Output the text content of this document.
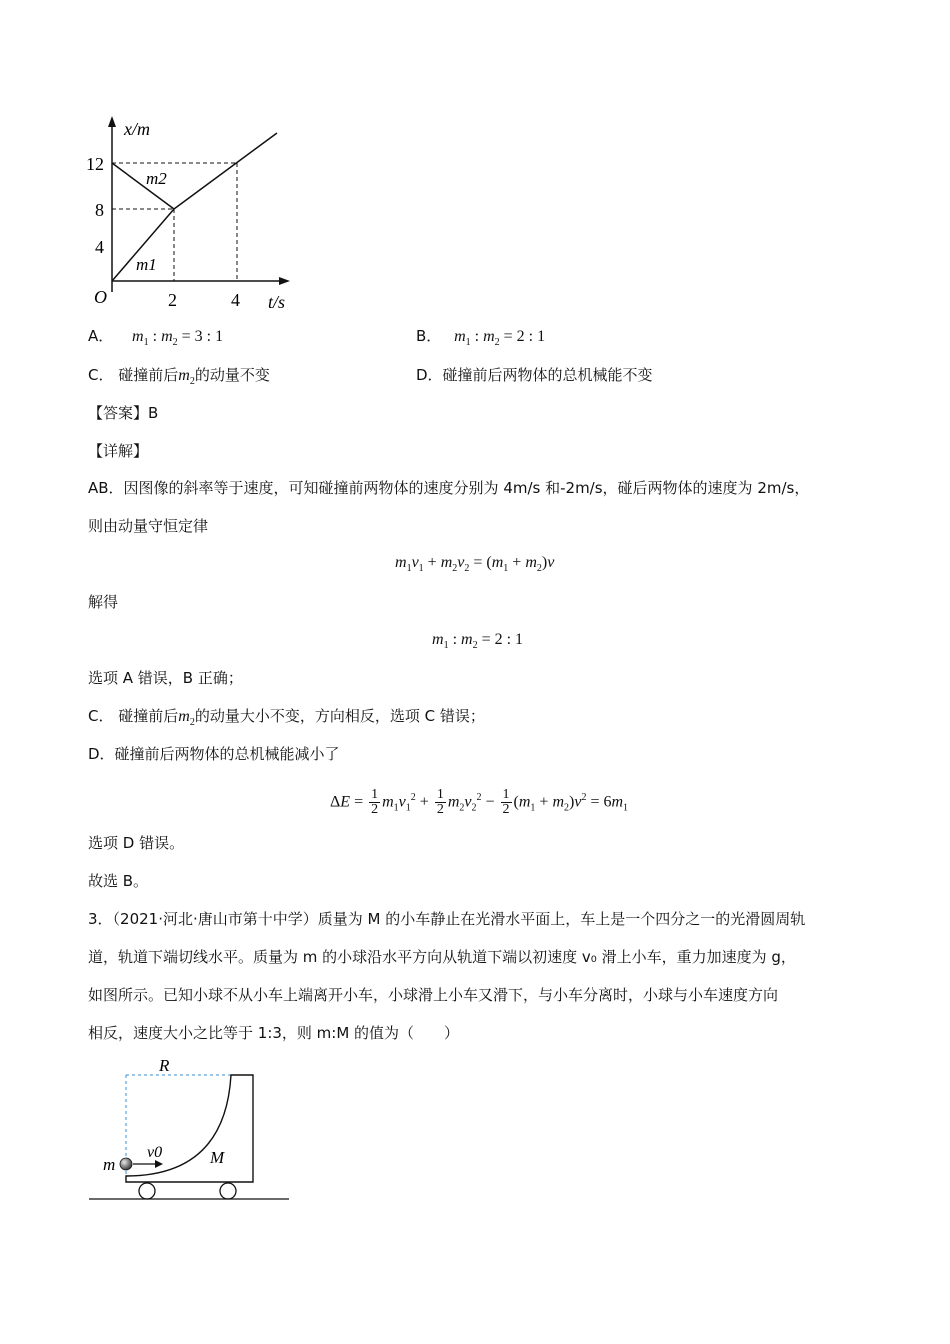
x/m
t/s
O
12
8
4
2	4
m2
m1
A． $m_1$ : $m_2 = 3$ : 1	B． $m_1$ : $m_2 = 2$ : 1
C． 碰撞前后$m_2$的动量不变	D．碰撞前后两物体的总机械能不变
【答案】B
【详解】
AB．因图像的斜率等于速度，可知碰撞前两物体的速度分别为 4m/s 和-2m/s，碰后两物体的速度为 2m/s，
则由动量守恒定律
$m_1v_1 + m_2v_2 = (m_1 + m_2)v$
解得
$m_1$ : $m_2 = 2$ : 1
选项 A 错误，B 正确；
C． 碰撞前后$m_2$的动量大小不变，方向相反，选项 C 错误；
D．碰撞前后两物体的总机械能减小了
$\Delta E = \frac{1}{2} m_1v_1^2 + \frac{1}{2} m_2v_2^2 - \frac{1}{2} (m_1 + m_2)v^2 = 6m_1$
选项 D 错误。
故选 B。
3．（2021·河北·唐山市第十中学）质量为 M 的小车静止在光滑水平面上，车上是一个四分之一的光滑圆周轨
道，轨道下端切线水平。质量为 m 的小球沿水平方向从轨道下端以初速度 v₀ 滑上小车，重力加速度为 g，
如图所示。已知小球不从小车上端离开小车，小球滑上小车又滑下，与小车分离时，小球与小车速度方向
相反，速度大小之比等于 1:3，则 m:M 的值为（　　）
R
m
v0	M
